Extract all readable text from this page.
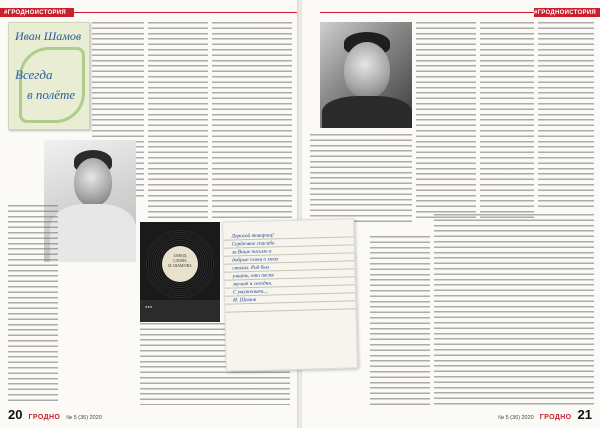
#ГРОДНОИСТОРИЯ
Иван Шамов
Всегда
в полёте
ЗАВОД
СЛОВА
И. ШАМОВА
●●●
20 ГРОДНО № 5 (36) 2020
#ГРОДНОИСТОРИЯ
№ 5 (36) 2020 ГРОДНО 21
Дорогой товарищ!
Сердечное спасибо
за Ваше письмо и
добрые слова о моих
стихах. Рад был
узнать, что песня
звучит и сегодня.
С уважением...
И. Шамов
